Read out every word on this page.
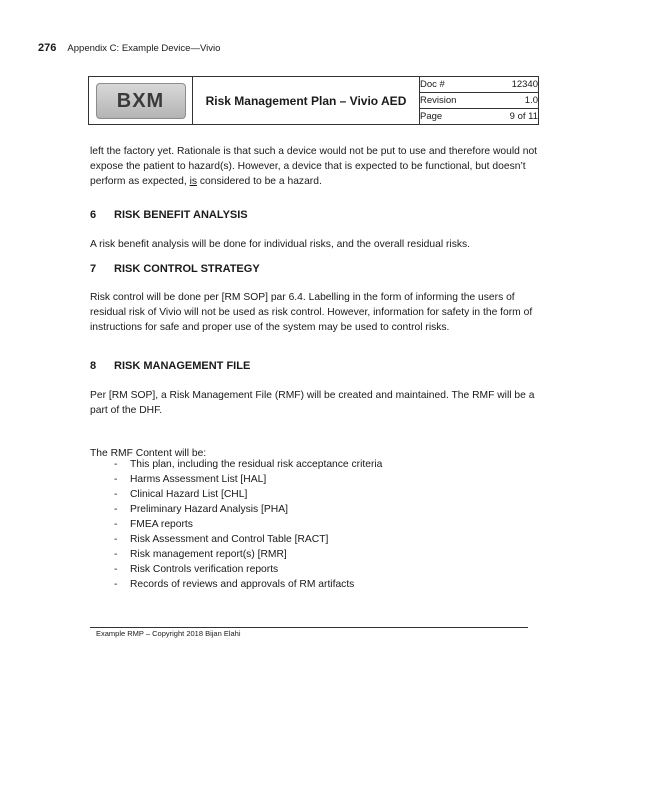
276 Appendix C: Example Device—Vivio
BXM	Risk Management Plan – Vivio AED	
Doc #	12340

Revision	1.0

Page	9 of 11
left the factory yet. Rationale is that such a device would not be put to use and therefore would not expose the patient to hazard(s). However, a device that is expected to be functional, but doesn’t perform as expected, is considered to be a hazard.
6 RISK BENEFIT ANALYSIS

A risk benefit analysis will be done for individual risks, and the overall residual risks.

7 RISK CONTROL STRATEGY

Risk control will be done per [RM SOP] par 6.4. Labelling in the form of informing the users of residual risk of Vivio will not be used as risk control. However, information for safety in the form of instructions for safe and proper use of the system may be used to control risks.

8 RISK MANAGEMENT FILE

Per [RM SOP], a Risk Management File (RMF) will be created and maintained. The RMF will be a part of the DHF.

The RMF Content will be:

- This plan, including the residual risk acceptance criteria
- Harms Assessment List [HAL]
- Clinical Hazard List [CHL]
- Preliminary Hazard Analysis [PHA]
- FMEA reports
- Risk Assessment and Control Table [RACT]
- Risk management report(s) [RMR]
- Risk Controls verification reports
- Records of reviews and approvals of RM artifacts
Example RMP – Copyright 2018 Bijan Elahi
